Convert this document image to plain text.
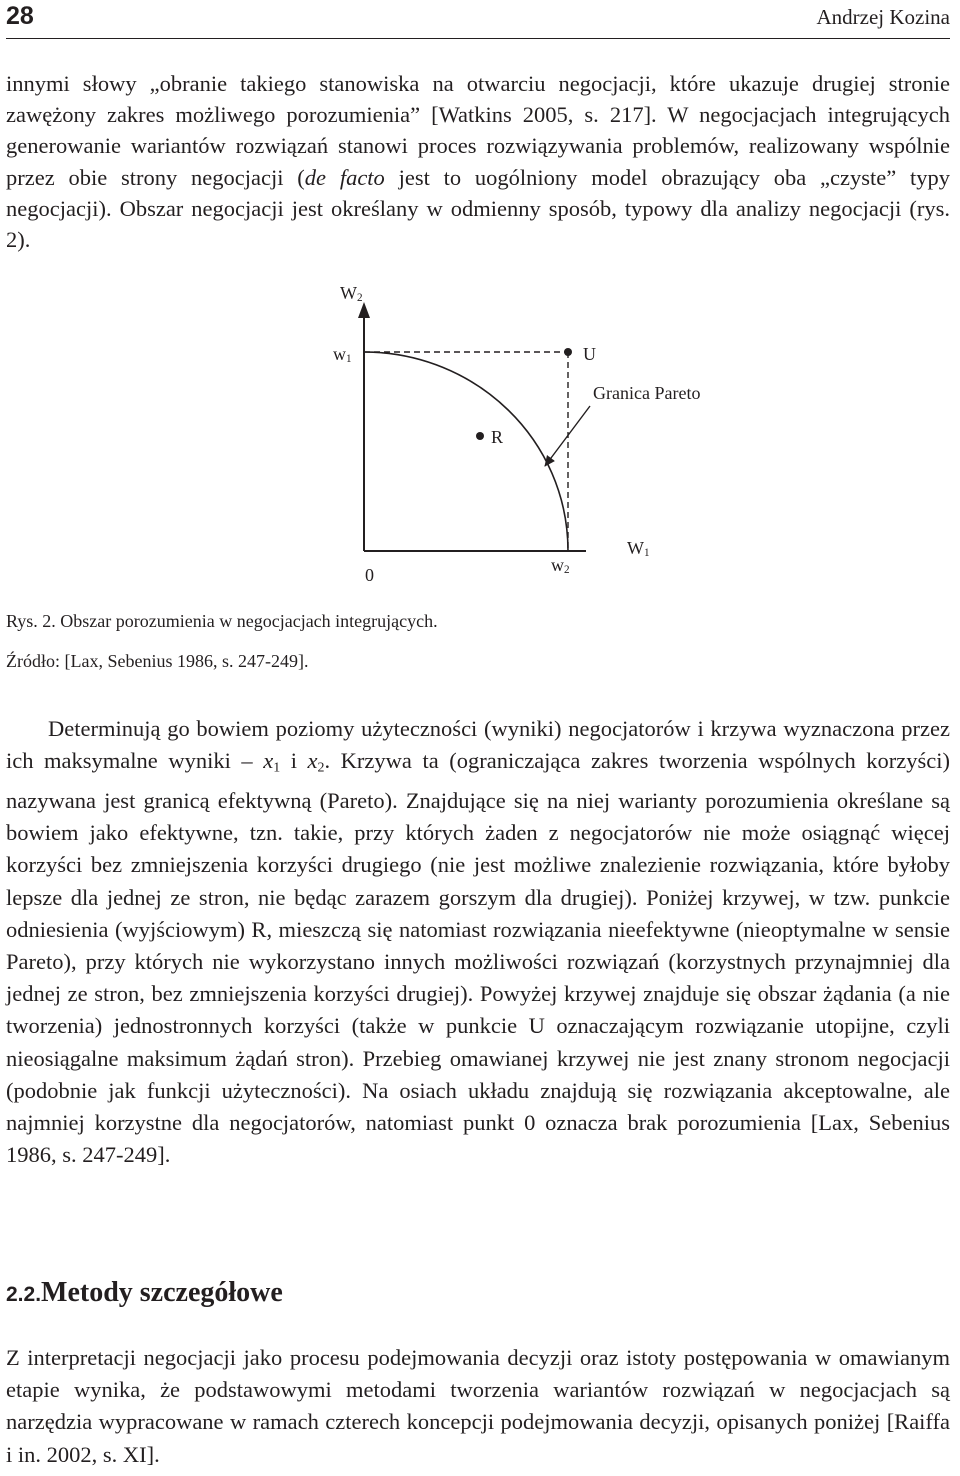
28	Andrzej Kozina

innymi słowy „obranie takiego stanowiska na otwarciu negocjacji, które ukazuje drugiej stronie zawężony zakres możliwego porozumienia” [Watkins 2005, s. 217]. W negocjacjach integrujących generowanie wariantów rozwiązań stanowi proces rozwiązywania problemów, realizowany wspólnie przez obie strony negocjacji (de facto jest to uogólniony model obrazujący oba „czyste” typy negocjacji). Obszar negocjacji jest określany w odmienny sposób, typowy dla analizy negocjacji (rys. 2).

$W_2$
$w_1$	U
Granica Pareto
R
$W_1$
$w_2$
0
Rys. 2. Obszar porozumienia w negocjacjach integrujących.
Źródło: [Lax, Sebenius 1986, s. 247-249].

Determinują go bowiem poziomy użyteczności (wyniki) negocjatorów i krzywa wyznaczona przez ich maksymalne wyniki – $x_1$ i $x_2$. Krzywa ta (ograniczająca zakres tworzenia wspólnych korzyści) nazywana jest granicą efektywną (Pareto). Znajdujące się na niej warianty porozumienia określane są bowiem jako efektywne, tzn. takie, przy których żaden z negocjatorów nie może osiągnąć więcej korzyści bez zmniejszenia korzyści drugiego (nie jest możliwe znalezienie rozwiązania, które byłoby lepsze dla jednej ze stron, nie będąc zarazem gorszym dla drugiej). Poniżej krzywej, w tzw. punkcie odniesienia (wyjściowym) R, mieszczą się natomiast rozwiązania nieefektywne (nieoptymalne w sensie Pareto), przy których nie wykorzystano innych możliwości rozwiązań (korzystnych przynajmniej dla jednej ze stron, bez zmniejszenia korzyści drugiej). Powyżej krzywej znajduje się obszar żądania (a nie tworzenia) jednostronnych korzyści (także w punkcie U oznaczającym rozwiązanie utopijne, czyli nieosiągalne maksimum żądań stron). Przebieg omawianej krzywej nie jest znany stronom negocjacji (podobnie jak funkcji użyteczności). Na osiach układu znajdują się rozwiązania akceptowalne, ale najmniej korzystne dla negocjatorów, natomiast punkt 0 oznacza brak porozumienia [Lax, Sebenius 1986, s. 247-249].

2.2.Metody szczegółowe

Z interpretacji negocjacji jako procesu podejmowania decyzji oraz istoty postępowania w omawianym etapie wynika, że podstawowymi metodami tworzenia wariantów rozwiązań w negocjacjach są narzędzia wypracowane w ramach czterech koncepcji podejmowania decyzji, opisanych poniżej [Raiffa i in. 2002, s. XI].
